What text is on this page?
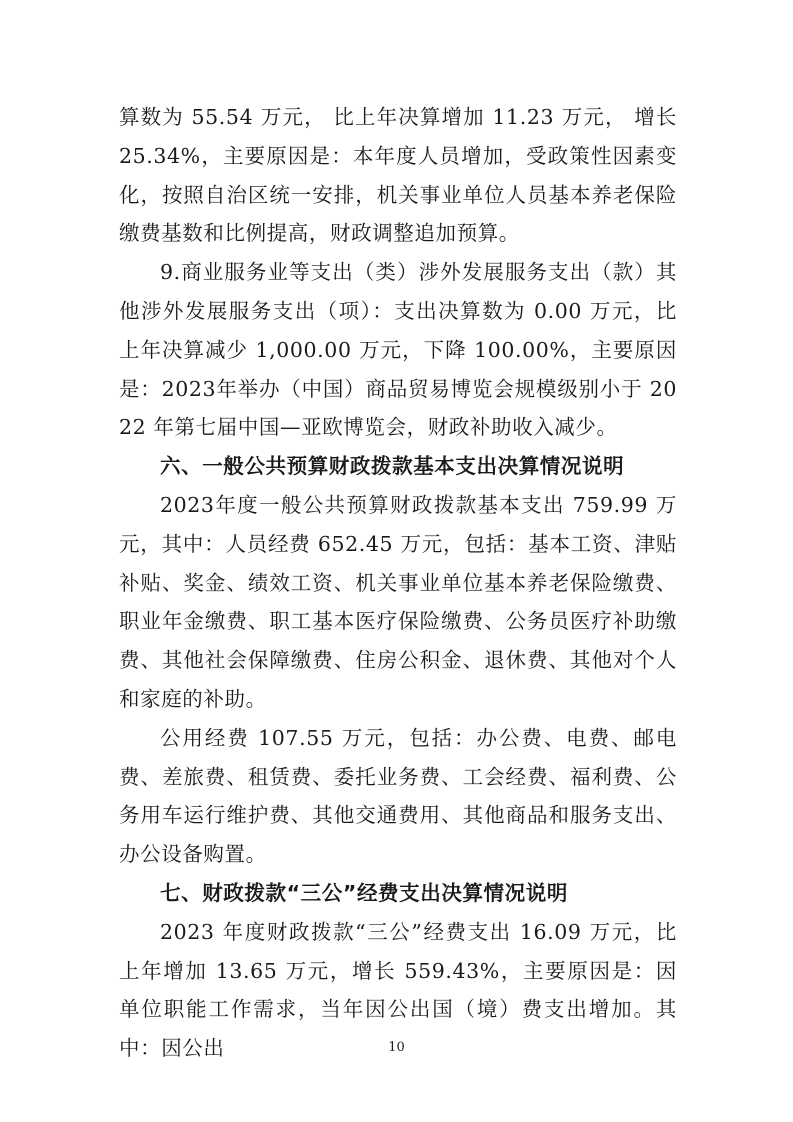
算数为 55.54 万元， 比上年决算增加 11.23 万元， 增长25.34%，主要原因是：本年度人员增加，受政策性因素变化，按照自治区统一安排，机关事业单位人员基本养老保险缴费基数和比例提高，财政调整追加预算。

9.商业服务业等支出（类）涉外发展服务支出（款）其他涉外发展服务支出（项）：支出决算数为 0.00 万元，比上年决算减少 1,000.00 万元，下降 100.00%，主要原因是：2023年举办（中国）商品贸易博览会规模级别小于 2022 年第七届中国—亚欧博览会，财政补助收入减少。

六、一般公共预算财政拨款基本支出决算情况说明

2023年度一般公共预算财政拨款基本支出 759.99 万元，其中：人员经费 652.45 万元，包括：基本工资、津贴补贴、奖金、绩效工资、机关事业单位基本养老保险缴费、职业年金缴费、职工基本医疗保险缴费、公务员医疗补助缴费、其他社会保障缴费、住房公积金、退休费、其他对个人和家庭的补助。

公用经费 107.55 万元，包括：办公费、电费、邮电费、差旅费、租赁费、委托业务费、工会经费、福利费、公务用车运行维护费、其他交通费用、其他商品和服务支出、办公设备购置。

七、财政拨款“三公”经费支出决算情况说明

2023 年度财政拨款“三公”经费支出 16.09 万元，比上年增加 13.65 万元，增长 559.43%，主要原因是：因单位职能工作需求，当年因公出国（境）费支出增加。其中：因公出	10
